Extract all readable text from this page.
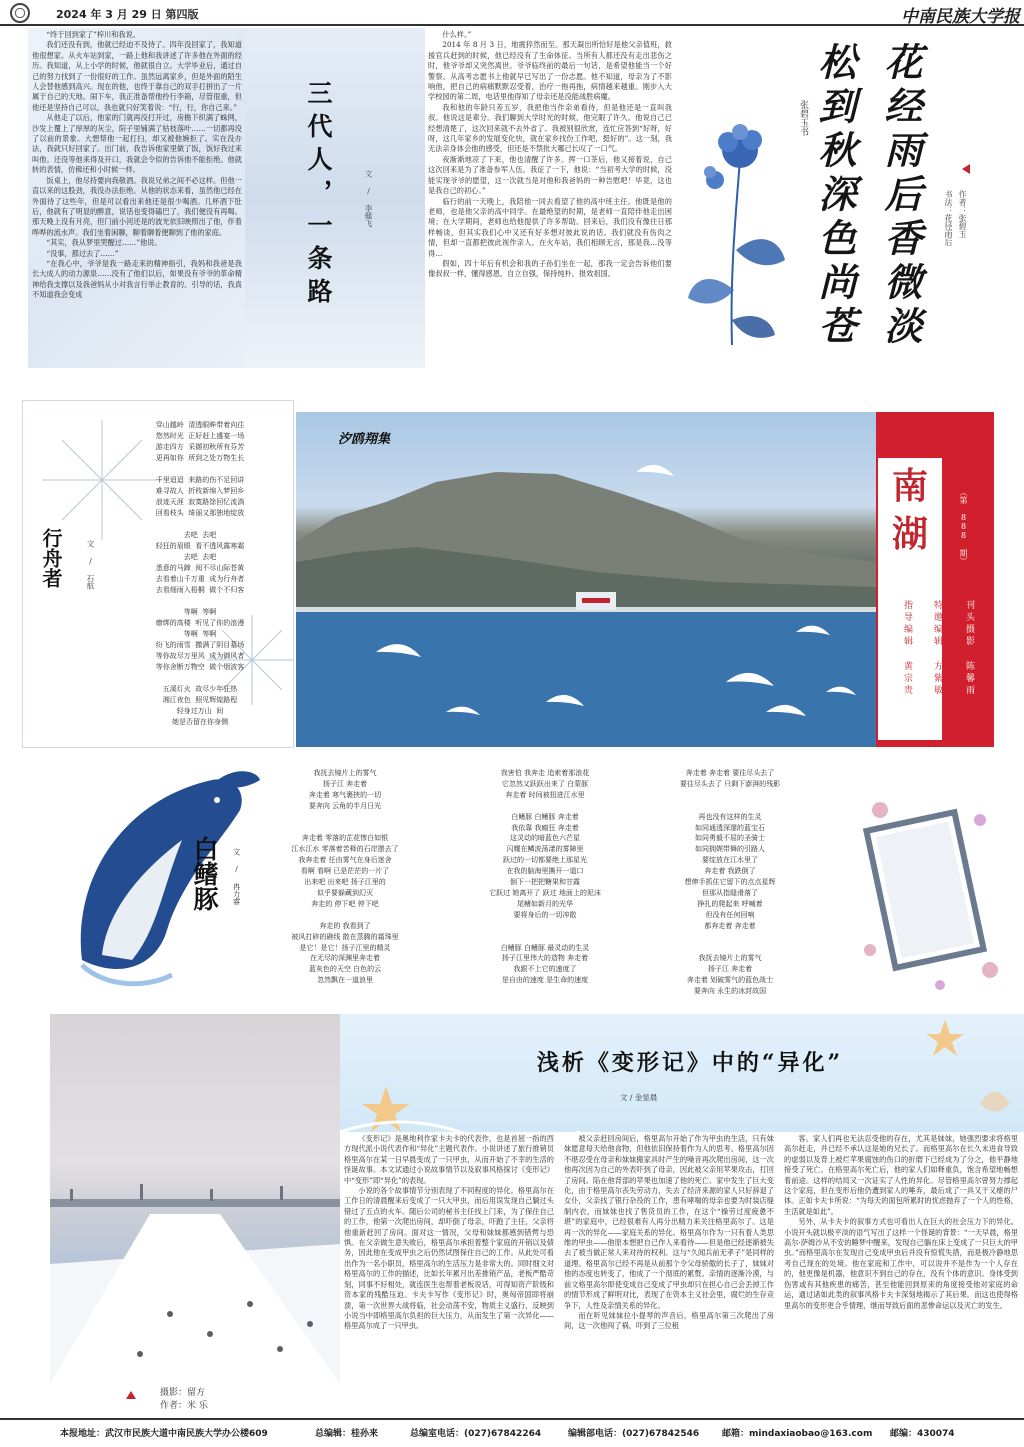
2024 年 3 月 29 日 第四版	中南民族大学报

“终于回到家了”梓川和我说。

我们还没有到，他就已经迫不及待了。四年没回家了，我知道他很想家。从火车站到家，一路上他和我讲述了许多他在外面的经历。我知道，从上小学的时候，他就很自立。大学毕业后，通过自己的努力找到了一份很好的工作。虽然远离家乡，但是外面的陌生人会替他感到高兴。现在的他，也终于靠自己的双手打拼出了一片属于自己的天地。闹下车，我正准备帮他拎行李箱，尽管很重，但他还是坚持自己可以。我也就只好笑着说：“行，行，你自己来。”

从他走了以后，他家的门就再没打开过，房檐下织满了蛛网，沙发上覆上了厚厚的灰尘，院子里铺满了枯枝落叶……一切都再没了以前的景象。大想帮他一起打扫，却又被他婉拒了。实在没办法，我就只好回家了。出门前，我告诉他家里做了饭，饭好我过来叫他。还没等他来得及开口，我就会令似的告诉他不能拒绝。他就转的表情，仿佛还和小时候一样。

饭桌上，他尽持要向我敬酒。我说兄弟之间不必这样。但他一直以来的这股劲，我没办法拒绝。从他的状态来看，虽然他已经在外面待了这些年，但是可以看出来他还是很少喝酒。几杯酒下肚后，他就有了明显的醉意，说话也变得磕巴了，我们便没有再喝。那天晚上没有月亮，但门前小河还是的波光依旧映照出了他，伴着哗哗的流水声。我们坐着闲聊，聊着聊着便聊到了他的家庭。

“其实，我从梦里哭醒过……”他说。

“没事，都过去了……”

“在我心中，爷爷是我一路走来的精神指引，我妈和我爸是我长大成人的动力源泉……没有了他们以后，如果没有爷爷的革命精神给我支撑以及我爸妈从小对我言行举止教育的、引导的话，我真不知道我会变成	三代人，一条路	文 / 李健飞

什么样。”

2014 年 8 月 3 日，地震猝然而至。那天凝出所恰好是他父亲值班，救援官兵赶到的时候，他已经没有了生命体征。当所有人都还没有走出悲伤之时，他爷爷却又突然离世。爷爷临终前的最后一句话，是希望他能当一个好警察。从高考志愿书上他就早已写出了一份志愿。他不知道，母亲为了不影响他，把自己的病痛默默忍受着，治疗一拖再拖，病情越来越重。刚步入大学校园的第二周，电话里他得知了母亲还是没能战胜病魔。

我和他的年龄只差五岁，我把他当作亲弟看待，但是他还是一直叫我叔。他说这是辈分。我们聊到大学时光的时候，他完眼了许久。他说自己已经想清楚了，这次回来就不去外省了。我被别很欣赏，连忙应答到“好呀，好呀，这几年家乡的发展变化快，就在家乡找份工作吧，挺好的”。这一刻，我无法亲身体会他的感受，但还是不禁批大哪已长叹了一口气。

夜渐渐地凉了下来，他也清醒了许多。挥一口茶后，他又接着说，自己这次回来是为了准备参军人伍。我征了一下，他说：“当初考大学的时候，没能实现爷爷的愿望，这一次就当是对他和我爸妈的一种告慰吧！毕竟，这也是我自己的初心。”

临行的前一天晚上，我陪他一同去看望了他的高中班主任。他既是他的老师，也是他父亲的高中同学。在最绝望的时期，是老师一直陪伴他走出困境；在大学期间，老师也给他提供了许多帮助。回来后，我们没有像往日那样畅谈，但其实我们心中又还有好多想对彼此说的话。我们就没有伤肉之情，但却一直都把彼此视作亲人。在火车站，我们相顾无言，那是我…没等得…

假如，四十年后有机会和我的子孙们坐在一起，那我一定会告诉他们要像叔叔一样，懂得感恩，自立自强，保持纯朴，报效祖国。	花经雨后香微淡
松到秋深色尚苍
张碧玉书
作者：张碧玉
书法：花径雨后
行舟者	文 / 石航
穿山越岭  清透眼眸带着向往
悠然时光  正好赶上盛宴一场
游走四方  采撷初秋所有芬芳
更再如你  所到之处万物生长
千里迢迢  来路的伤不足回讲
难寻故人  折枝新绵入梦回乡
浪迹天涯  寂寞路馀回忆流淌
回看枝头  绮丽又那独地绽放
去吧  去吧
轻狂的眉眼  看不透风露寒霜
去吧  去吧
悉意的马蹄  阅不尽山际苍黄
去看着山千万重  成为行舟者
去看细雨入梧桐  做个不归客
等啊  等啊
缭绑的高楼  听见了你的浪漫
等啊  等啊
纷飞的雨雪  撒满了阴目墓场
等你故尽万里风  成为御风者
等你舍断万物空  做个烟波客
五溪灯火  故尽少年狂热
湘江夜色  照见辉煌路程
轻身过万山  间
她是否留在你身侧
汐鸥翔集
南湖	（第 888 期）
刊头摄影 陈馨雨
特邀编辑 方紫敏
指导编辑 黄宗贵
白鳍豚	文 / 冉力睿
我抚去镜片上的雾气
扬子江 奔走着
奔走着 寒气裹挟的一切
要奔向 云角的半月日光

奔走着 零落的芷花惨白如银
江水江水 零落着苦释的石岸摆去了
我奔走着 任由雾气在身后迷舍
看啊 看啊 已是茫茫的一片了
出来吧 出来吧 扬子江里的
似乎要躲藏到幻灭
奔走的 停下吧 停下吧

奔走的 我看到了
被风打碎的礁线 散在蒸腾的霜珠里
是它！是它！扬子江里的精灵
在无尽的深渊里奔走着
蓝灰色的天空 白色的云
忽然飘在一道浪里
我害怕 我奔走 追索着那浪花
它忽然又跃跃出来了 白蒙豚
奔走着 时间被扭进江水里

白鳍豚 白鳍豚 奔走着
我依靠 我瘢狂 奔走着
这灵动的暗蓝色六芒星
闪耀在鳞波荡漾的雾障里
跃过的一切都要绝上那星光
在我的脑海里撕开一道口
倒下一把把糖果和甘露
它跃过 她离开了 跃过 地面上的泥沫
尾鳍如新月的光华
要将身后的一切冲散

白鳍豚 白鳍豚 最灵动的生灵
扬子江里伟大的造物 奔走着
我跟不上它的速度了
是自由的速度 是生命的速度
奔走着 奔走着 要往尽头去了
要往尽头去了 只剩下澎湃的残影

再也没有这样的生灵
如同通透深邃的蓝宝石
如同勇毅不屈的圣骑士
如同拥娓带舞的引路人
要绽放在江水里了
奔走着 我跌倒了
想伸手抓住它留下的点点星辉
但那从指缝滑落了
挣扎的爬起来 呼喊着
但没有任何回响
都奔走着 奔走着

我抚去镜片上的雾气
扬子江 奔走着
奔走着 划破雾气的蓝色战士
要奔向 永生的冰封故国
浅析《变形记》中的“异化”
文 / 金显晨

《变形记》是奥地利作家卡夫卡的代表作，也是首屈一指的西方现代派小说代表作和“异化”主题代表作。小说讲述了旅行推销员格里高尔在某一日早晨变成了一只甲虫，从而开始了不幸的生活的怪诞故事。本文试通过小说故事情节以及叙事风格探讨《变形记》中“变形”即“异化”的表现。

小说的各个故事情节分别表现了不同程度的异化。格里高尔在工作日的清晨醒来后变成了一只大甲虫，而后用误发现自己躺过头错过了五点的火车。随后公司的秘书主任找上门来，为了保住自己的工作，他第一次爬出房间，却吓倒了母亲，吓跑了主任，父亲将他重新赶回了房间。面对这一情况，父母和妹妹都感到错愕与恐惧。在父亲做生意失败后，格里高尔承担着整个家庭的开销以及债务，因此他在变成甲虫之后仍然试图保住自己的工作。从此处可看出作为一名小职员，格里高尔的生活压力是非常大的。同时细文对格里高尔的工作的描述，比如长年累月出差推销产品，老板严酷苛刻，同事不好相处，就连医生也帮着老板说话，可得知资产阶级和资本家的残酷压迫。卡夫卡写作《变形记》时，奥匈帝国即将崩溃，第一次世界大战将临，社会动荡不安，物质主义盛行，反映到小说当中即格里高尔负担的巨大压力，从而发生了第一次异化——格里高尔成了一只甲虫。

被父亲赶回房间后，格里高尔开始了作为甲虫的生活，只有妹妹愿意每天给他食物，但他依旧保持着作为人的思考。格里高尔因不堪忍受在母亲和妹妹搬家具时产生的噪音再次爬出房间，这一次他再次因为自己的外表吓到了母亲，因此被父亲用苹果攻击，打回了房间。陷在他背部的苹果也加速了他的死亡。家中发生了巨大变化，由于格里高尔丧失劳动力，失去了经济来源的家人只好辞退了女仆，父亲找了银行杂役的工作，患有哮喘的母亲也要为时装店缝制内衣，而妹妹也找了售货员的工作，在这个“操劳过度疲惫不堪”的家庭中，已经很难有人再分出精力来关注格里高尔了。这是再一次的异化——家庭关系的异化。格里高尔作为一只有着人类思维的甲虫——他原本想把自己作人来看待——但是他已经逐渐被失去了被当做正常人来对待的权利。这与“久闻兵前无孝子”是同样的道理。格里高尔已经不再是从前那个令父母骄傲的长子了，妹妹对他的态度也转变了，他成了一个彻底的累赘。亲情的逐渐冷漠，与前文格里高尔即使变成自己变成了甲虫却只在担心自己会丢掉工作的情节形成了鲜明对比，表现了在资本主义社会里，腐烂的生存竞争下，人性及亲情关系的异化。

而在听见妹妹拉小提琴的声音后，格里高尔第三次爬出了房间，这一次他闯了祸，吓到了三位租

客。家人们再也无法忍受他的存在，尤其是妹妹，她强烈要求将格里高尔赶走，并已经不承认这是她的兄长了。而格里高尔在长久未进食导致的虚弱以及背上被烂苹果腐蚀的伤口的折磨下已经成为了分之，他平静地接受了死亡。在格里高尔死亡后，他的家人们如释重负，饱含希望地畅想着前途。这样的结局又一次证实了人性的异化。尽管格里高尔曾努力撑起这个家庭，但在变形后他仍遭到家人的唾弃，最后成了一具又干又瘪的尸体。正如卡夫卡所说：“为每天的面包所累时的忧虑抛弃了一个人的性格，生活就是如此”。

另外，从卡夫卡的叙事方式也可看出人在巨大的社会压力下的异化。小说开头就以极平淡的语气写出了这样一个怪诞的背景：“一天早晨，格里高尔·萨姆沙从不安的睡梦中醒来，发现自己躺在床上变成了一只巨大的甲虫。”而格里高尔在发现自己变成甲虫后并没有惊慌失措，而是极冷静地思考自己现在的处境。他在家庭和工作中，可以说并不是作为一个人存在的，他更像是机器，他意识不到自己的存在，没有个体的意识。身体受到伤害或有其他疾患的痛苦，甚至他能回到原来的角度接受他对家庭的命运，通过诸如此类的叙事风格卡夫卡深刻地揭示了其后果。而这也使得格里高尔的变形更合乎情理，继而导致后面的悲惨命运以及灭亡的发生。

摄影：留方
作者：米 乐
本报地址：武汉市民族大道中南民族大学办公楼609	总编辑：桂孙来	总编室电话：(027)67842264	编辑部电话：(027)67842546	邮箱：mindaxiaobao@163.com 邮编：430074
